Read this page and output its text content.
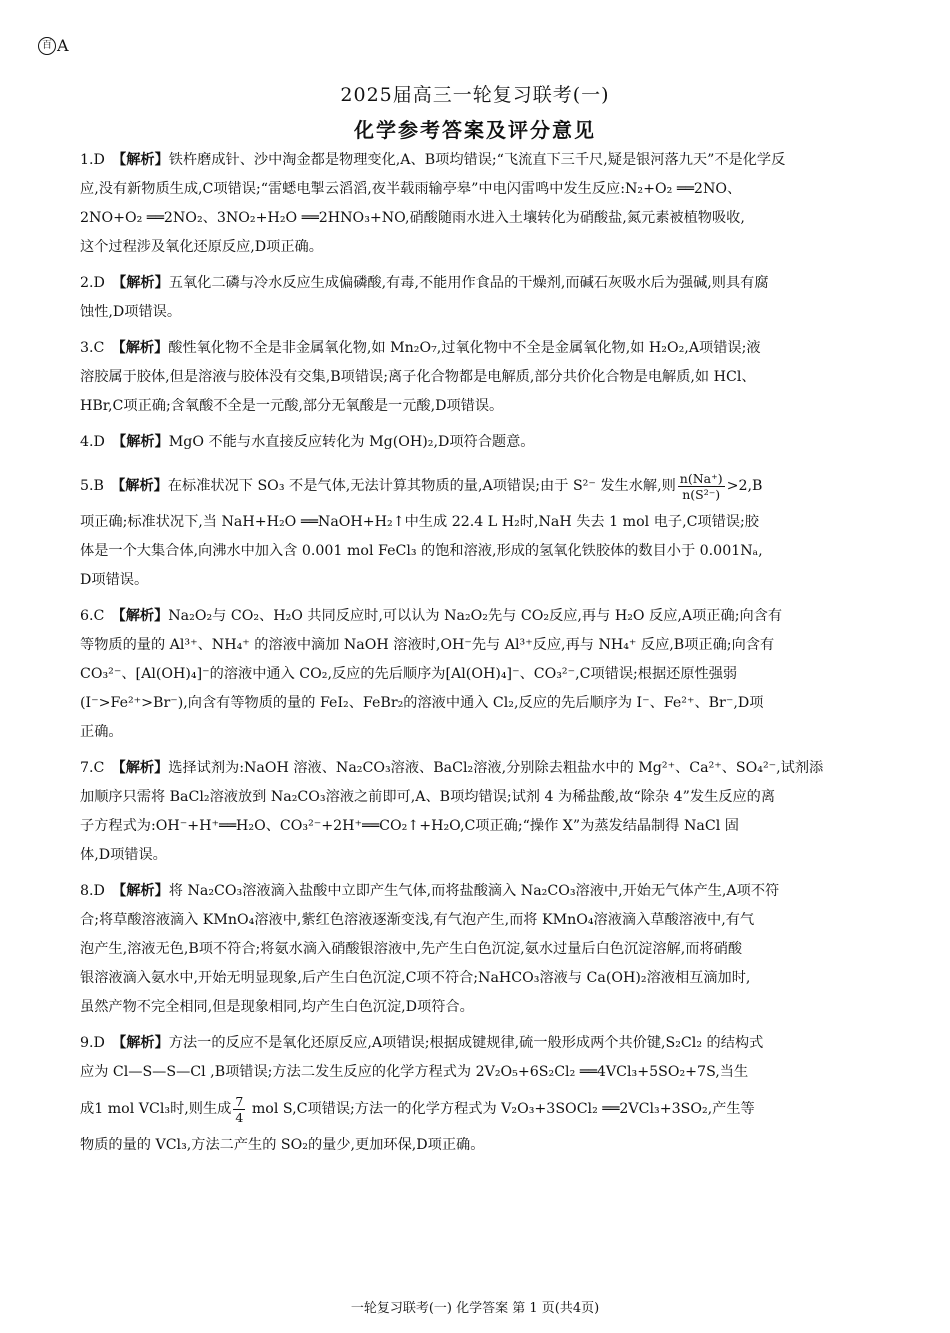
百 A
2025届高三一轮复习联考(一)
化学参考答案及评分意见
1.D　 【解析】铁杵磨成针、沙中淘金都是物理变化,A、B项均错误;“飞流直下三千尺,疑是银河落九天”不是化学反
应,没有新物质生成,C项错误;“雷蟋电掣云滔滔,夜半载雨输亭皋”中电闪雷鸣中发生反应:N₂+O₂ ══2NO、
2NO+O₂ ══2NO₂、3NO₂+H₂O ══2HNO₃+NO,硝酸随雨水进入土壤转化为硝酸盐,氮元素被植物吸收,
这个过程涉及氧化还原反应,D项正确。
2.D　 【解析】五氧化二磷与冷水反应生成偏磷酸,有毒,不能用作食品的干燥剂,而碱石灰吸水后为强碱,则具有腐
蚀性,D项错误。
3.C　 【解析】酸性氧化物不全是非金属氧化物,如 Mn₂O₇,过氧化物中不全是金属氧化物,如 H₂O₂,A项错误;液
溶胶属于胶体,但是溶液与胶体没有交集,B项错误;离子化合物都是电解质,部分共价化合物是电解质,如 HCl、
HBr,C项正确;含氧酸不全是一元酸,部分无氧酸是一元酸,D项错误。
4.D　 【解析】MgO 不能与水直接反应转化为 Mg(OH)₂,D项符合题意。
5.B　 【解析】在标准状况下 SO₃ 不是气体,无法计算其物质的量,A项错误;由于 S²⁻ 发生水解,则 $\frac{n(Na^+)}{\text{n(S²⁻)}} >2,B$
项正确;标准状况下,当 NaH+H₂O ══NaOH+H₂↑中生成 22.4 L H₂时,NaH 失去 1 mol 电子,C项错误;胶
体是一个大集合体,向沸水中加入含 0.001 mol FeCl₃ 的饱和溶液,形成的氢氧化铁胶体的数目小于 0.001Nₐ,
D项错误。
6.C　 【解析】Na₂O₂与 CO₂、H₂O 共同反应时,可以认为 Na₂O₂先与 CO₂反应,再与 H₂O 反应,A项正确;向含有
等物质的量的 Al³⁺、NH₄⁺ 的溶液中滴加 NaOH 溶液时,OH⁻先与 Al³⁺反应,再与 NH₄⁺ 反应,B项正确;向含有
CO₃²⁻、[Al(OH)₄]⁻的溶液中通入 CO₂,反应的先后顺序为[Al(OH)₄]⁻、CO₃²⁻,C项错误;根据还原性强弱
(I⁻>Fe²⁺>Br⁻),向含有等物质的量的 FeI₂、FeBr₂的溶液中通入 Cl₂,反应的先后顺序为 I⁻、Fe²⁺、Br⁻,D项
正确。
7.C　 【解析】选择试剂为:NaOH 溶液、Na₂CO₃溶液、BaCl₂溶液,分别除去粗盐水中的 Mg²⁺、Ca²⁺、SO₄²⁻,试剂添
加顺序只需将 BaCl₂溶液放到 Na₂CO₃溶液之前即可,A、B项均错误;试剂 4 为稀盐酸,故“除杂 4”发生反应的离
子方程式为:OH⁻+H⁺══H₂O、CO₃²⁻+2H⁺══CO₂↑+H₂O,C项正确;“操作 X”为蒸发结晶制得 NaCl 固
体,D项错误。
8.D　 【解析】将 Na₂CO₃溶液滴入盐酸中立即产生气体,而将盐酸滴入 Na₂CO₃溶液中,开始无气体产生,A项不符
合;将草酸溶液滴入 KMnO₄溶液中,紫红色溶液逐渐变浅,有气泡产生,而将 KMnO₄溶液滴入草酸溶液中,有气
泡产生,溶液无色,B项不符合;将氨水滴入硝酸银溶液中,先产生白色沉淀,氨水过量后白色沉淀溶解,而将硝酸
银溶液滴入氨水中,开始无明显现象,后产生白色沉淀,C项不符合;NaHCO₃溶液与 Ca(OH)₂溶液相互滴加时,
虽然产物不完全相同,但是现象相同,均产生白色沉淀,D项符合。
9.D　 【解析】方法一的反应不是氧化还原反应,A项错误;根据成键规律,硫一般形成两个共价键,S₂Cl₂ 的结构式
应为 Cl—S—S—Cl ,B项错误;方法二发生反应的化学方程式为 2V₂O₅+6S₂Cl₂ ══4VCl₃+5SO₂+7S,当生
成1 mol VCl₃时,则生成 $\frac{7}{4}$ mol S,C项错误;方法一的化学方程式为 V₂O₃+3SOCl₂ ══2VCl₃+3SO₂,产生等
物质的量的 VCl₃,方法二产生的 SO₂的量少,更加环保,D项正确。
一轮复习联考(一) 化学答案 第 1 页(共4页)
